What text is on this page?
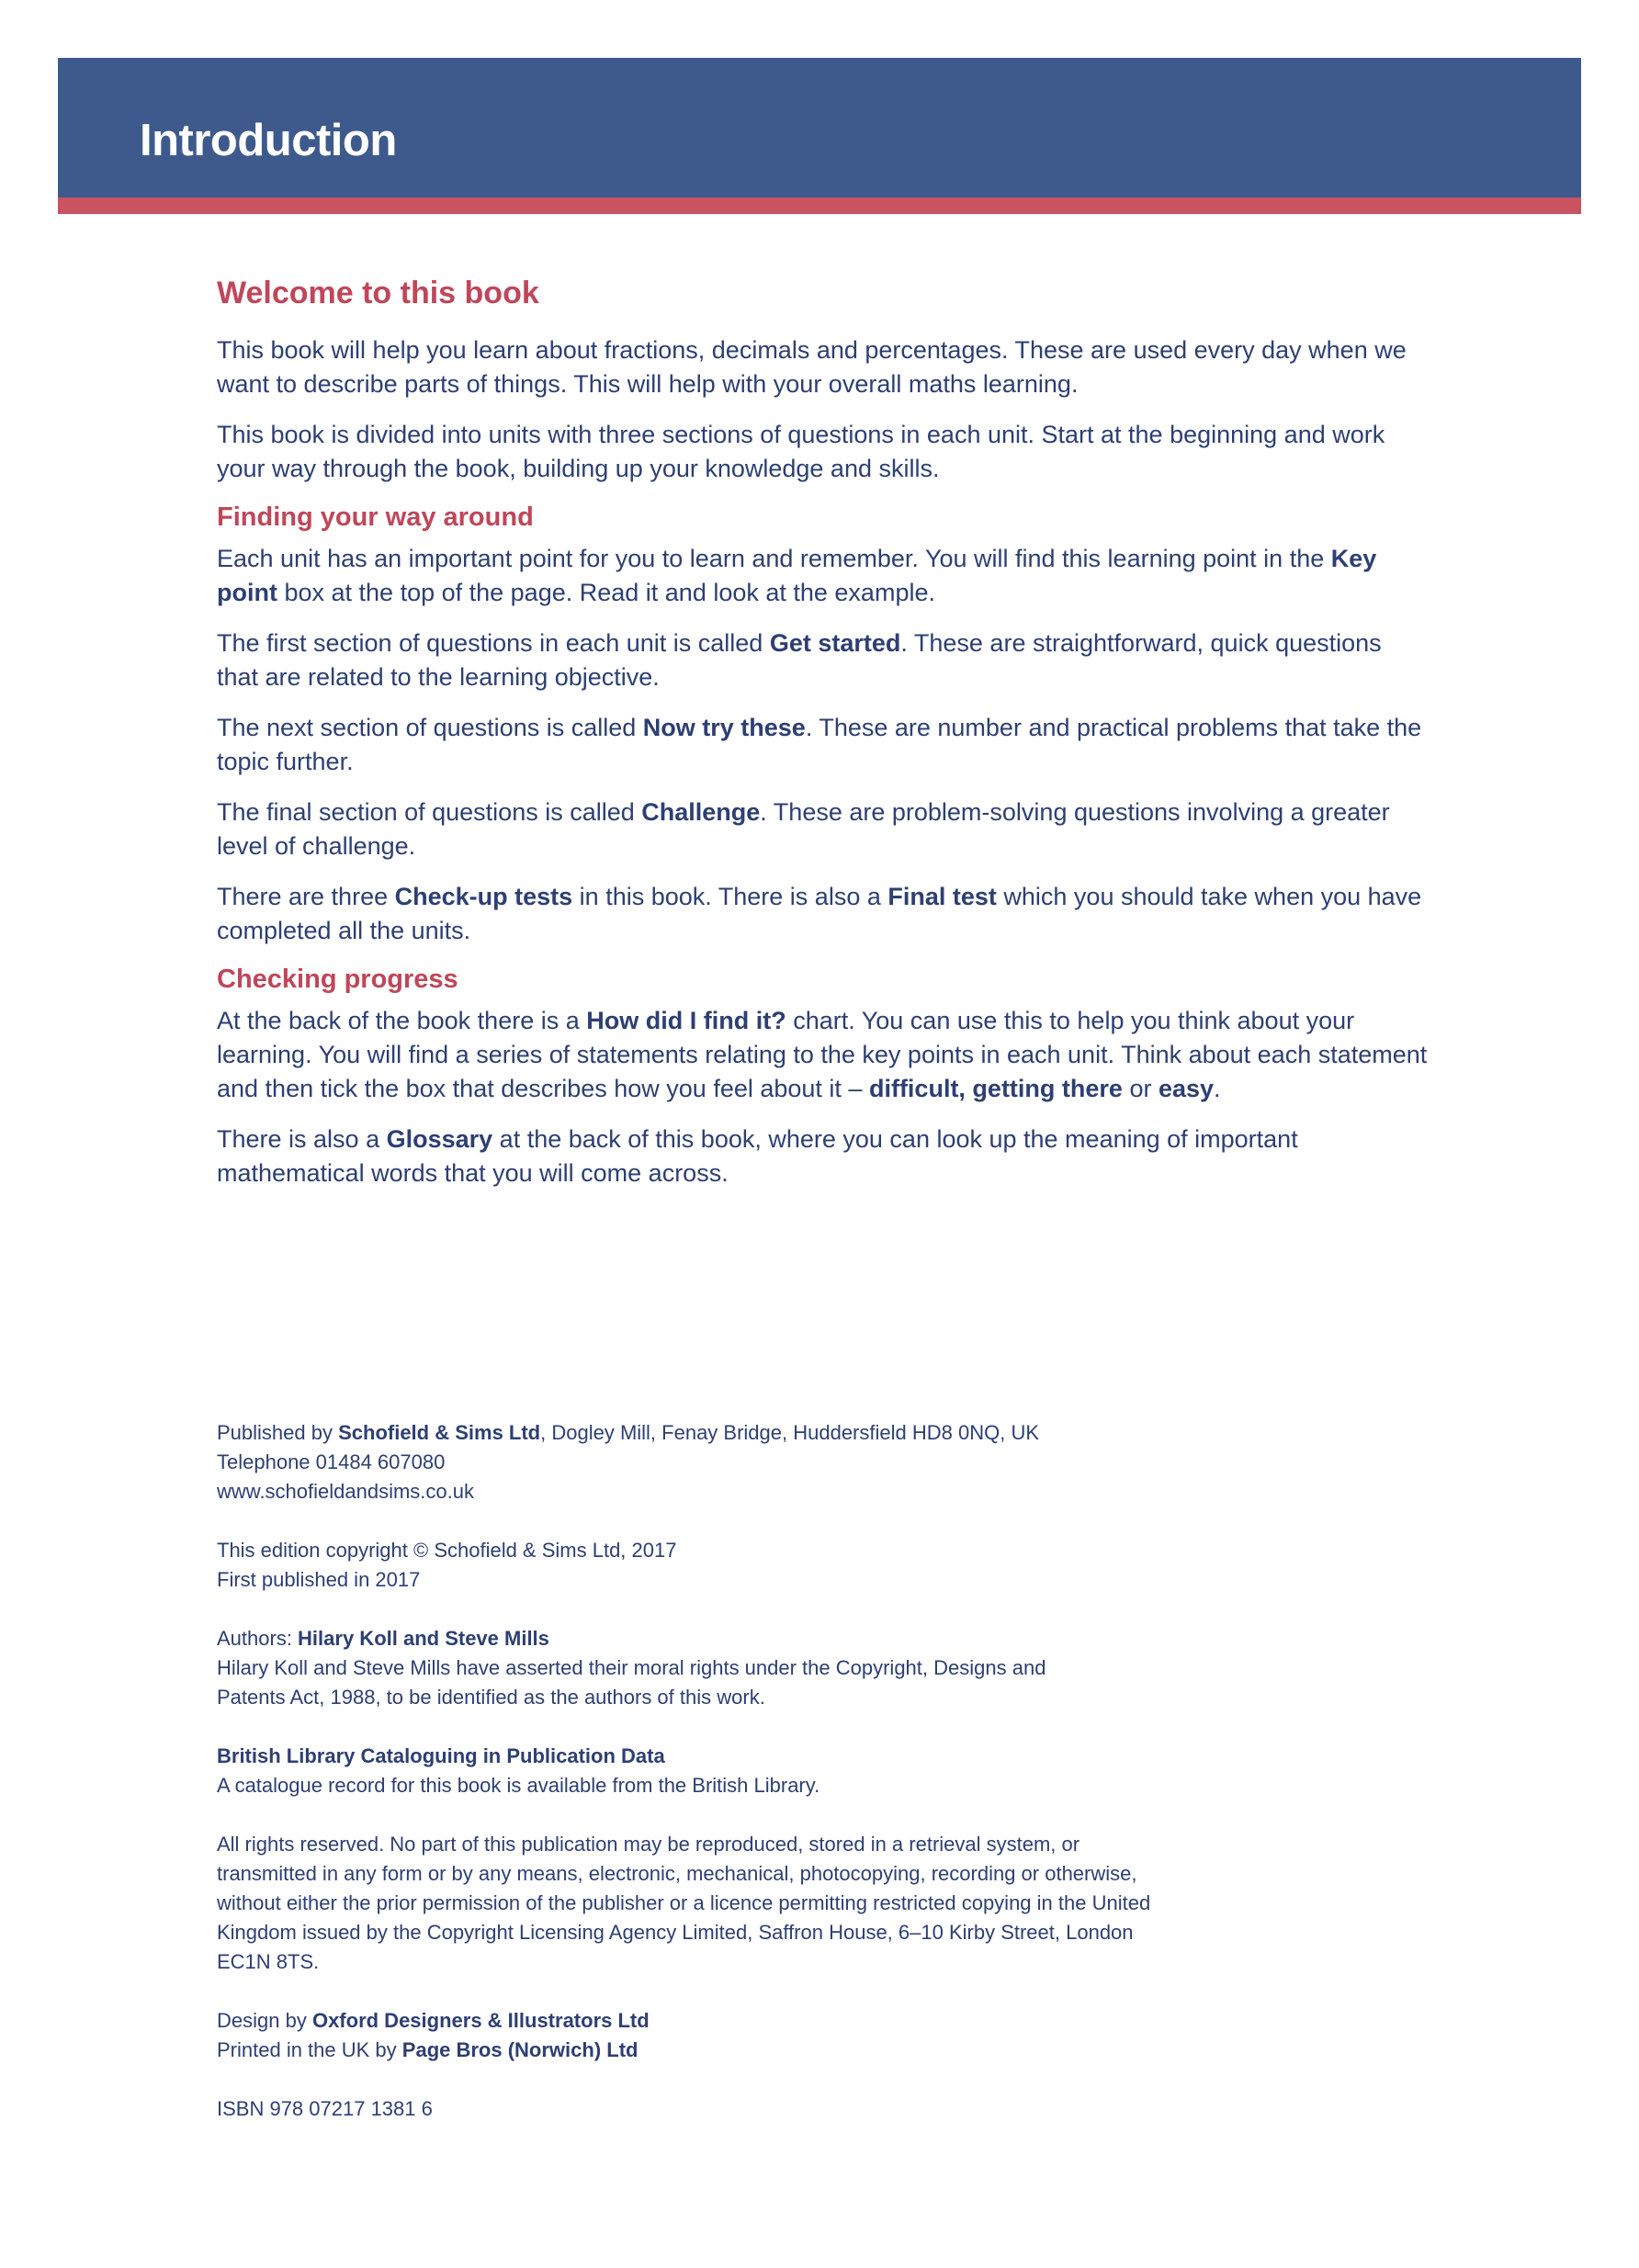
Introduction
Welcome to this book

This book will help you learn about fractions, decimals and percentages. These are used every day when we want to describe parts of things. This will help with your overall maths learning.

This book is divided into units with three sections of questions in each unit. Start at the beginning and work your way through the book, building up your knowledge and skills.

Finding your way around

Each unit has an important point for you to learn and remember. You will find this learning point in the Key point box at the top of the page. Read it and look at the example.

The first section of questions in each unit is called Get started. These are straightforward, quick questions that are related to the learning objective.

The next section of questions is called Now try these. These are number and practical problems that take the topic further.

The final section of questions is called Challenge. These are problem-solving questions involving a greater level of challenge.

There are three Check-up tests in this book. There is also a Final test which you should take when you have completed all the units.

Checking progress

At the back of the book there is a How did I find it? chart. You can use this to help you think about your learning. You will find a series of statements relating to the key points in each unit. Think about each statement and then tick the box that describes how you feel about it – difficult, getting there or easy.

There is also a Glossary at the back of this book, where you can look up the meaning of important mathematical words that you will come across.

Published by Schofield & Sims Ltd, Dogley Mill, Fenay Bridge, Huddersfield HD8 0NQ, UK
Telephone 01484 607080
www.schofieldandsims.co.uk

This edition copyright © Schofield & Sims Ltd, 2017
First published in 2017

Authors: Hilary Koll and Steve Mills
Hilary Koll and Steve Mills have asserted their moral rights under the Copyright, Designs and Patents Act, 1988, to be identified as the authors of this work.

British Library Cataloguing in Publication Data
A catalogue record for this book is available from the British Library.

All rights reserved. No part of this publication may be reproduced, stored in a retrieval system, or transmitted in any form or by any means, electronic, mechanical, photocopying, recording or otherwise, without either the prior permission of the publisher or a licence permitting restricted copying in the United Kingdom issued by the Copyright Licensing Agency Limited, Saffron House, 6–10 Kirby Street, London EC1N 8TS.

Design by Oxford Designers & Illustrators Ltd
Printed in the UK by Page Bros (Norwich) Ltd

ISBN 978 07217 1381 6
